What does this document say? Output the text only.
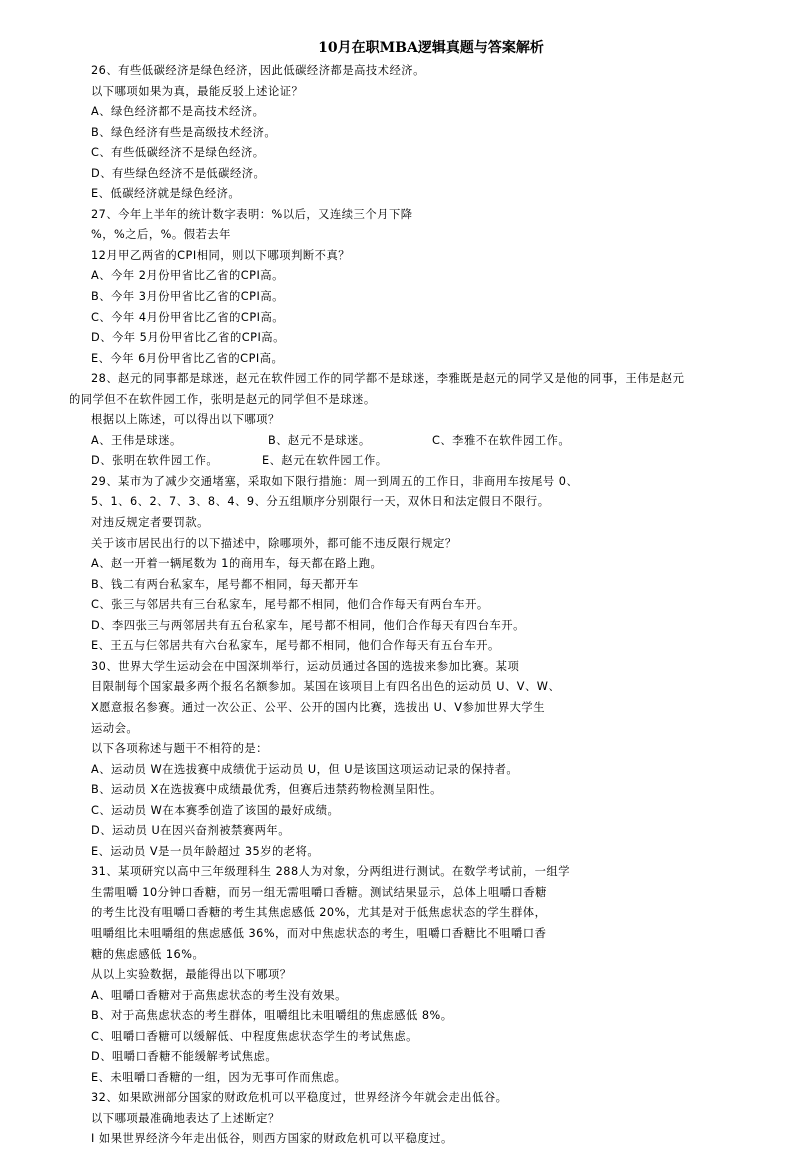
10月在职MBA逻辑真题与答案解析
26、有些低碳经济是绿色经济，因此低碳经济都是高技术经济。
以下哪项如果为真，最能反驳上述论证？
A、绿色经济都不是高技术经济。
B、绿色经济有些是高级技术经济。
C、有些低碳经济不是绿色经济。
D、有些绿色经济不是低碳经济。
E、低碳经济就是绿色经济。
27、今年上半年的统计数字表明：%以后，又连续三个月下降
%，%之后，%。假若去年
12月甲乙两省的CPI相同，则以下哪项判断不真？
A、今年 2月份甲省比乙省的CPI高。
B、今年 3月份甲省比乙省的CPI高。
C、今年 4月份甲省比乙省的CPI高。
D、今年 5月份甲省比乙省的CPI高。
E、今年 6月份甲省比乙省的CPI高。
28、赵元的同事都是球迷，赵元在软件园工作的同学都不是球迷，李雅既是赵元的同学又是他的同事，王伟是赵元
的同学但不在软件园工作，张明是赵元的同学但不是球迷。
根据以上陈述，可以得出以下哪项？
A、王伟是球迷。	B、赵元不是球迷。	C、李雅不在软件园工作。
D、张明在软件园工作。	E、赵元在软件园工作。
29、某市为了减少交通堵塞，采取如下限行措施：周一到周五的工作日，非商用车按尾号 0、
5、1、6、2、7、3、8、4、9、分五组顺序分别限行一天，双休日和法定假日不限行。
对违反规定者要罚款。
关于该市居民出行的以下描述中，除哪项外，都可能不违反限行规定？
A、赵一开着一辆尾数为 1的商用车，每天都在路上跑。
B、钱二有两台私家车，尾号都不相同，每天都开车
C、张三与邻居共有三台私家车，尾号都不相同，他们合作每天有两台车开。
D、李四张三与两邻居共有五台私家车，尾号都不相同，他们合作每天有四台车开。
E、王五与仨邻居共有六台私家车，尾号都不相同，他们合作每天有五台车开。
30、世界大学生运动会在中国深圳举行，运动员通过各国的选拔来参加比赛。某项
目限制每个国家最多两个报名名额参加。某国在该项目上有四名出色的运动员 U、V、W、
X愿意报名参赛。通过一次公正、公平、公开的国内比赛，选拔出 U、V参加世界大学生
运动会。
以下各项称述与题干不相符的是：
A、运动员 W在选拔赛中成绩优于运动员 U，但 U是该国这项运动记录的保持者。
B、运动员 X在选拔赛中成绩最优秀，但赛后违禁药物检测呈阳性。
C、运动员 W在本赛季创造了该国的最好成绩。
D、运动员 U在因兴奋剂被禁赛两年。
E、运动员 V是一员年龄超过 35岁的老将。
31、某项研究以高中三年级理科生 288人为对象，分两组进行测试。在数学考试前，一组学
生需咀嚼 10分钟口香糖，而另一组无需咀嚼口香糖。测试结果显示，总体上咀嚼口香糖
的考生比没有咀嚼口香糖的考生其焦虑感低 20%，尤其是对于低焦虑状态的学生群体，
咀嚼组比未咀嚼组的焦虑感低 36%，而对中焦虑状态的考生，咀嚼口香糖比不咀嚼口香
糖的焦虑感低 16%。
从以上实验数据，最能得出以下哪项？
A、咀嚼口香糖对于高焦虑状态的考生没有效果。
B、对于高焦虑状态的考生群体，咀嚼组比未咀嚼组的焦虑感低 8%。
C、咀嚼口香糖可以缓解低、中程度焦虑状态学生的考试焦虑。
D、咀嚼口香糖不能缓解考试焦虑。
E、未咀嚼口香糖的一组，因为无事可作而焦虑。
32、如果欧洲部分国家的财政危机可以平稳度过，世界经济今年就会走出低谷。
以下哪项最准确地表达了上述断定？
I 如果世界经济今年走出低谷，则西方国家的财政危机可以平稳度过。
